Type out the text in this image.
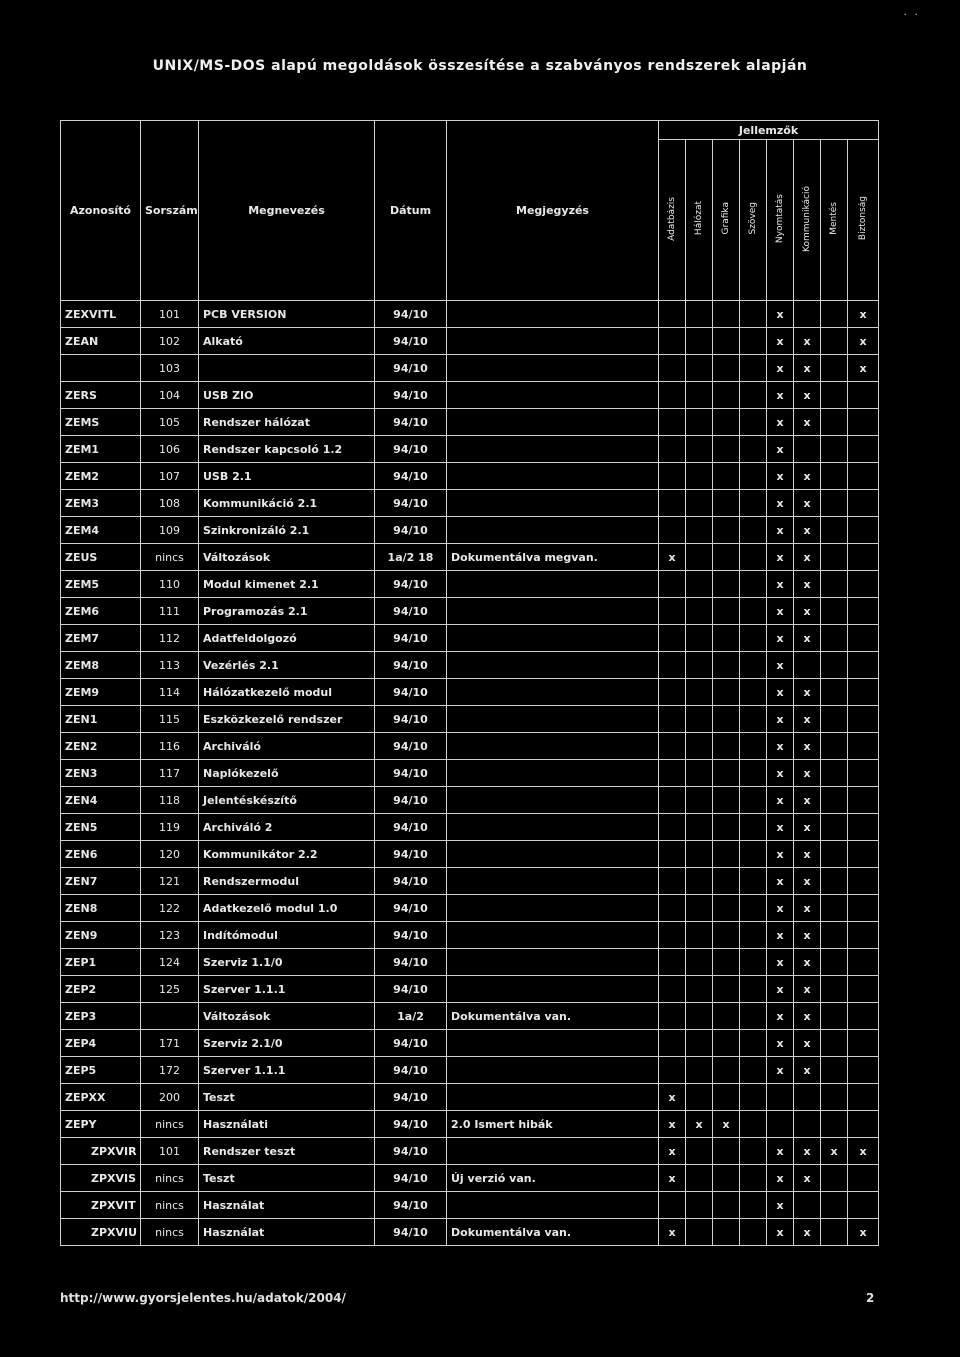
· ·
UNIX/MS-DOS alapú megoldások összesítése a szabványos rendszerek alapján
Azonosító	Sorszám	Megnevezés	Dátum	Megjegyzés	Jellemzők							
					Adatbázis	Hálózat	Grafika	Szöveg	Nyomtatás	Kommunikáció	Mentés	Biztonság
ZEXVITL	101	PCB VERSION	94/10						x			x
ZEAN	102	Alkató	94/10						x	x		x
	103		94/10						x	x		x
ZERS	104	USB ZIO	94/10						x	x		
ZEMS	105	Rendszer hálózat	94/10						x	x		
ZEM1	106	Rendszer kapcsoló 1.2	94/10						x			
ZEM2	107	USB 2.1	94/10						x	x		
ZEM3	108	Kommunikáció 2.1	94/10						x	x		
ZEM4	109	Szinkronizáló 2.1	94/10						x	x		
ZEUS	nincs	Változások	1a/2 18	Dokumentálva megvan.	x				x	x		
ZEM5	110	Modul kimenet 2.1	94/10						x	x		
ZEM6	111	Programozás 2.1	94/10						x	x		
ZEM7	112	Adatfeldolgozó	94/10						x	x		
ZEM8	113	Vezérlés 2.1	94/10						x			
ZEM9	114	Hálózatkezelő modul	94/10						x	x		
ZEN1	115	Eszközkezelő rendszer	94/10						x	x		
ZEN2	116	Archiváló	94/10						x	x		
ZEN3	117	Naplókezelő	94/10						x	x		
ZEN4	118	Jelentéskészítő	94/10						x	x		
ZEN5	119	Archiváló 2	94/10						x	x		
ZEN6	120	Kommunikátor 2.2	94/10						x	x		
ZEN7	121	Rendszermodul	94/10						x	x		
ZEN8	122	Adatkezelő modul 1.0	94/10						x	x		
ZEN9	123	Indítómodul	94/10						x	x		
ZEP1	124	Szerviz 1.1/0	94/10						x	x		
ZEP2	125	Szerver 1.1.1	94/10						x	x		
ZEP3		Változások	1a/2	Dokumentálva van.					x	x		
ZEP4	171	Szerviz 2.1/0	94/10						x	x		
ZEP5	172	Szerver 1.1.1	94/10						x	x		
ZEPXX	200	Teszt	94/10		x							
ZEPY	nincs	Használati	94/10	2.0 Ismert hibák	x	x	x					
ZPXVIR	101	Rendszer teszt	94/10		x				x	x	x	x
ZPXVIS	nincs	Teszt	94/10	Új verzió van.	x				x	x		
ZPXVIT	nincs	Használat	94/10						x			
ZPXVIU	nincs	Használat	94/10	Dokumentálva van.	x				x	x		x
http://www.gyorsjelentes.hu/adatok/2004/	2
